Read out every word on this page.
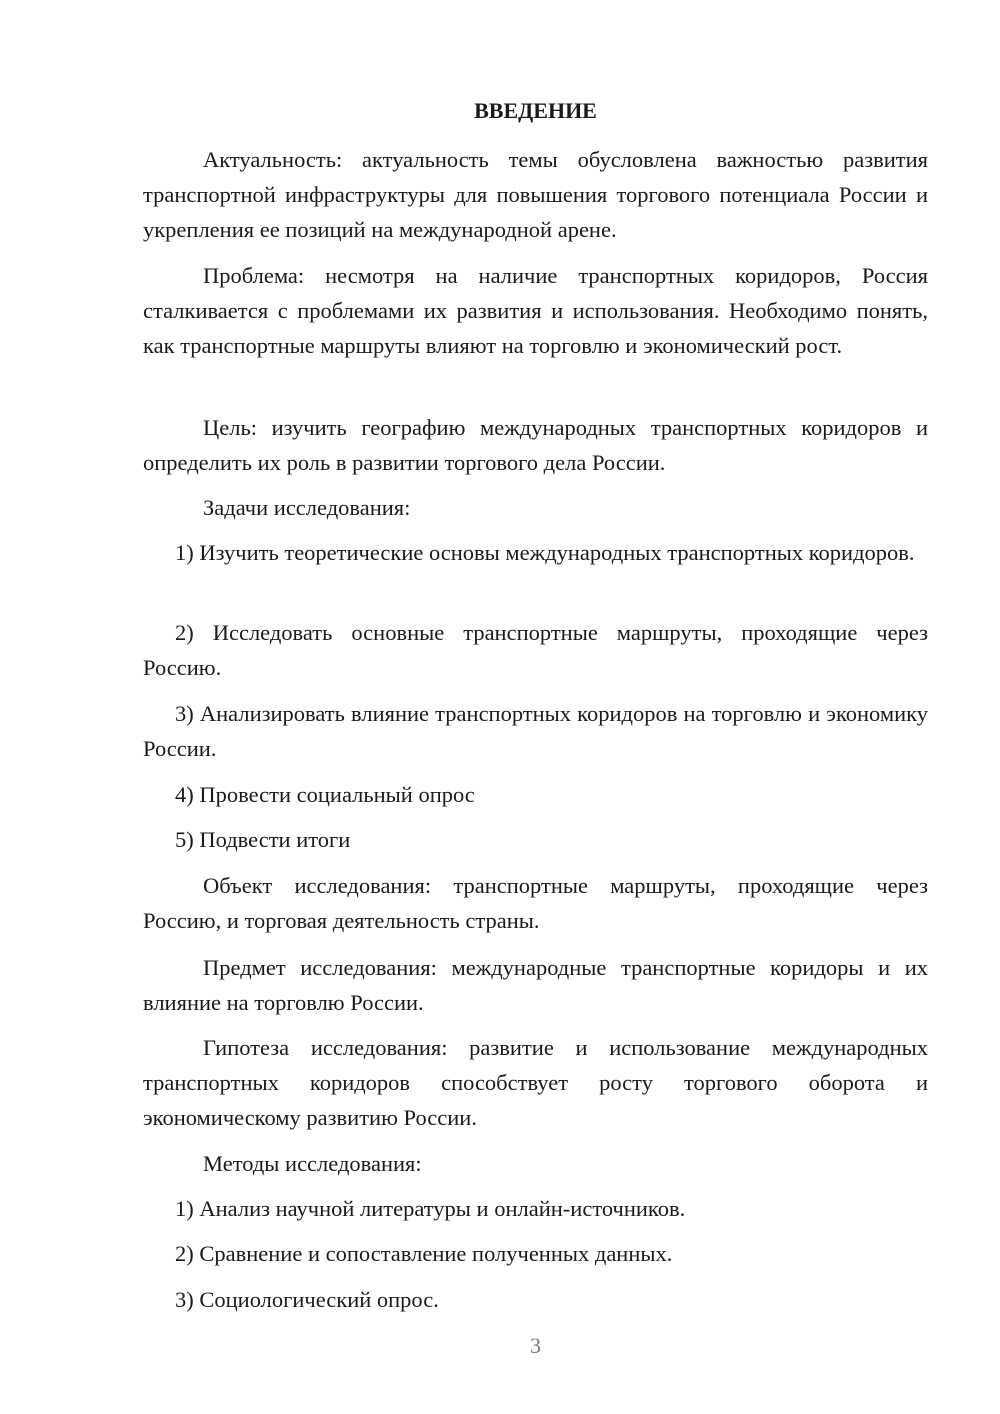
ВВЕДЕНИЕ

Актуальность: актуальность темы обусловлена важностью развития транспортной инфраструктуры для повышения торгового потенциала России и укрепления ее позиций на международной арене.

Проблема: несмотря на наличие транспортных коридоров, Россия сталкивается с проблемами их развития и использования. Необходимо понять, как транспортные маршруты влияют на торговлю и экономический рост.

Цель: изучить географию международных транспортных коридоров и определить их роль в развитии торгового дела России.

Задачи исследования:

1) Изучить теоретические основы международных транспортных коридоров.

2) Исследовать основные транспортные маршруты, проходящие через Россию.

3) Анализировать влияние транспортных коридоров на торговлю и экономику России.

4) Провести социальный опрос

5) Подвести итоги

Объект исследования: транспортные маршруты, проходящие через Россию, и торговая деятельность страны.

Предмет исследования: международные транспортные коридоры и их влияние на торговлю России.

Гипотеза исследования: развитие и использование международных транспортных коридоров способствует росту торгового оборота и экономическому развитию России.

Методы исследования:

1) Анализ научной литературы и онлайн-источников.

2) Сравнение и сопоставление полученных данных.

3) Социологический опрос.

3
